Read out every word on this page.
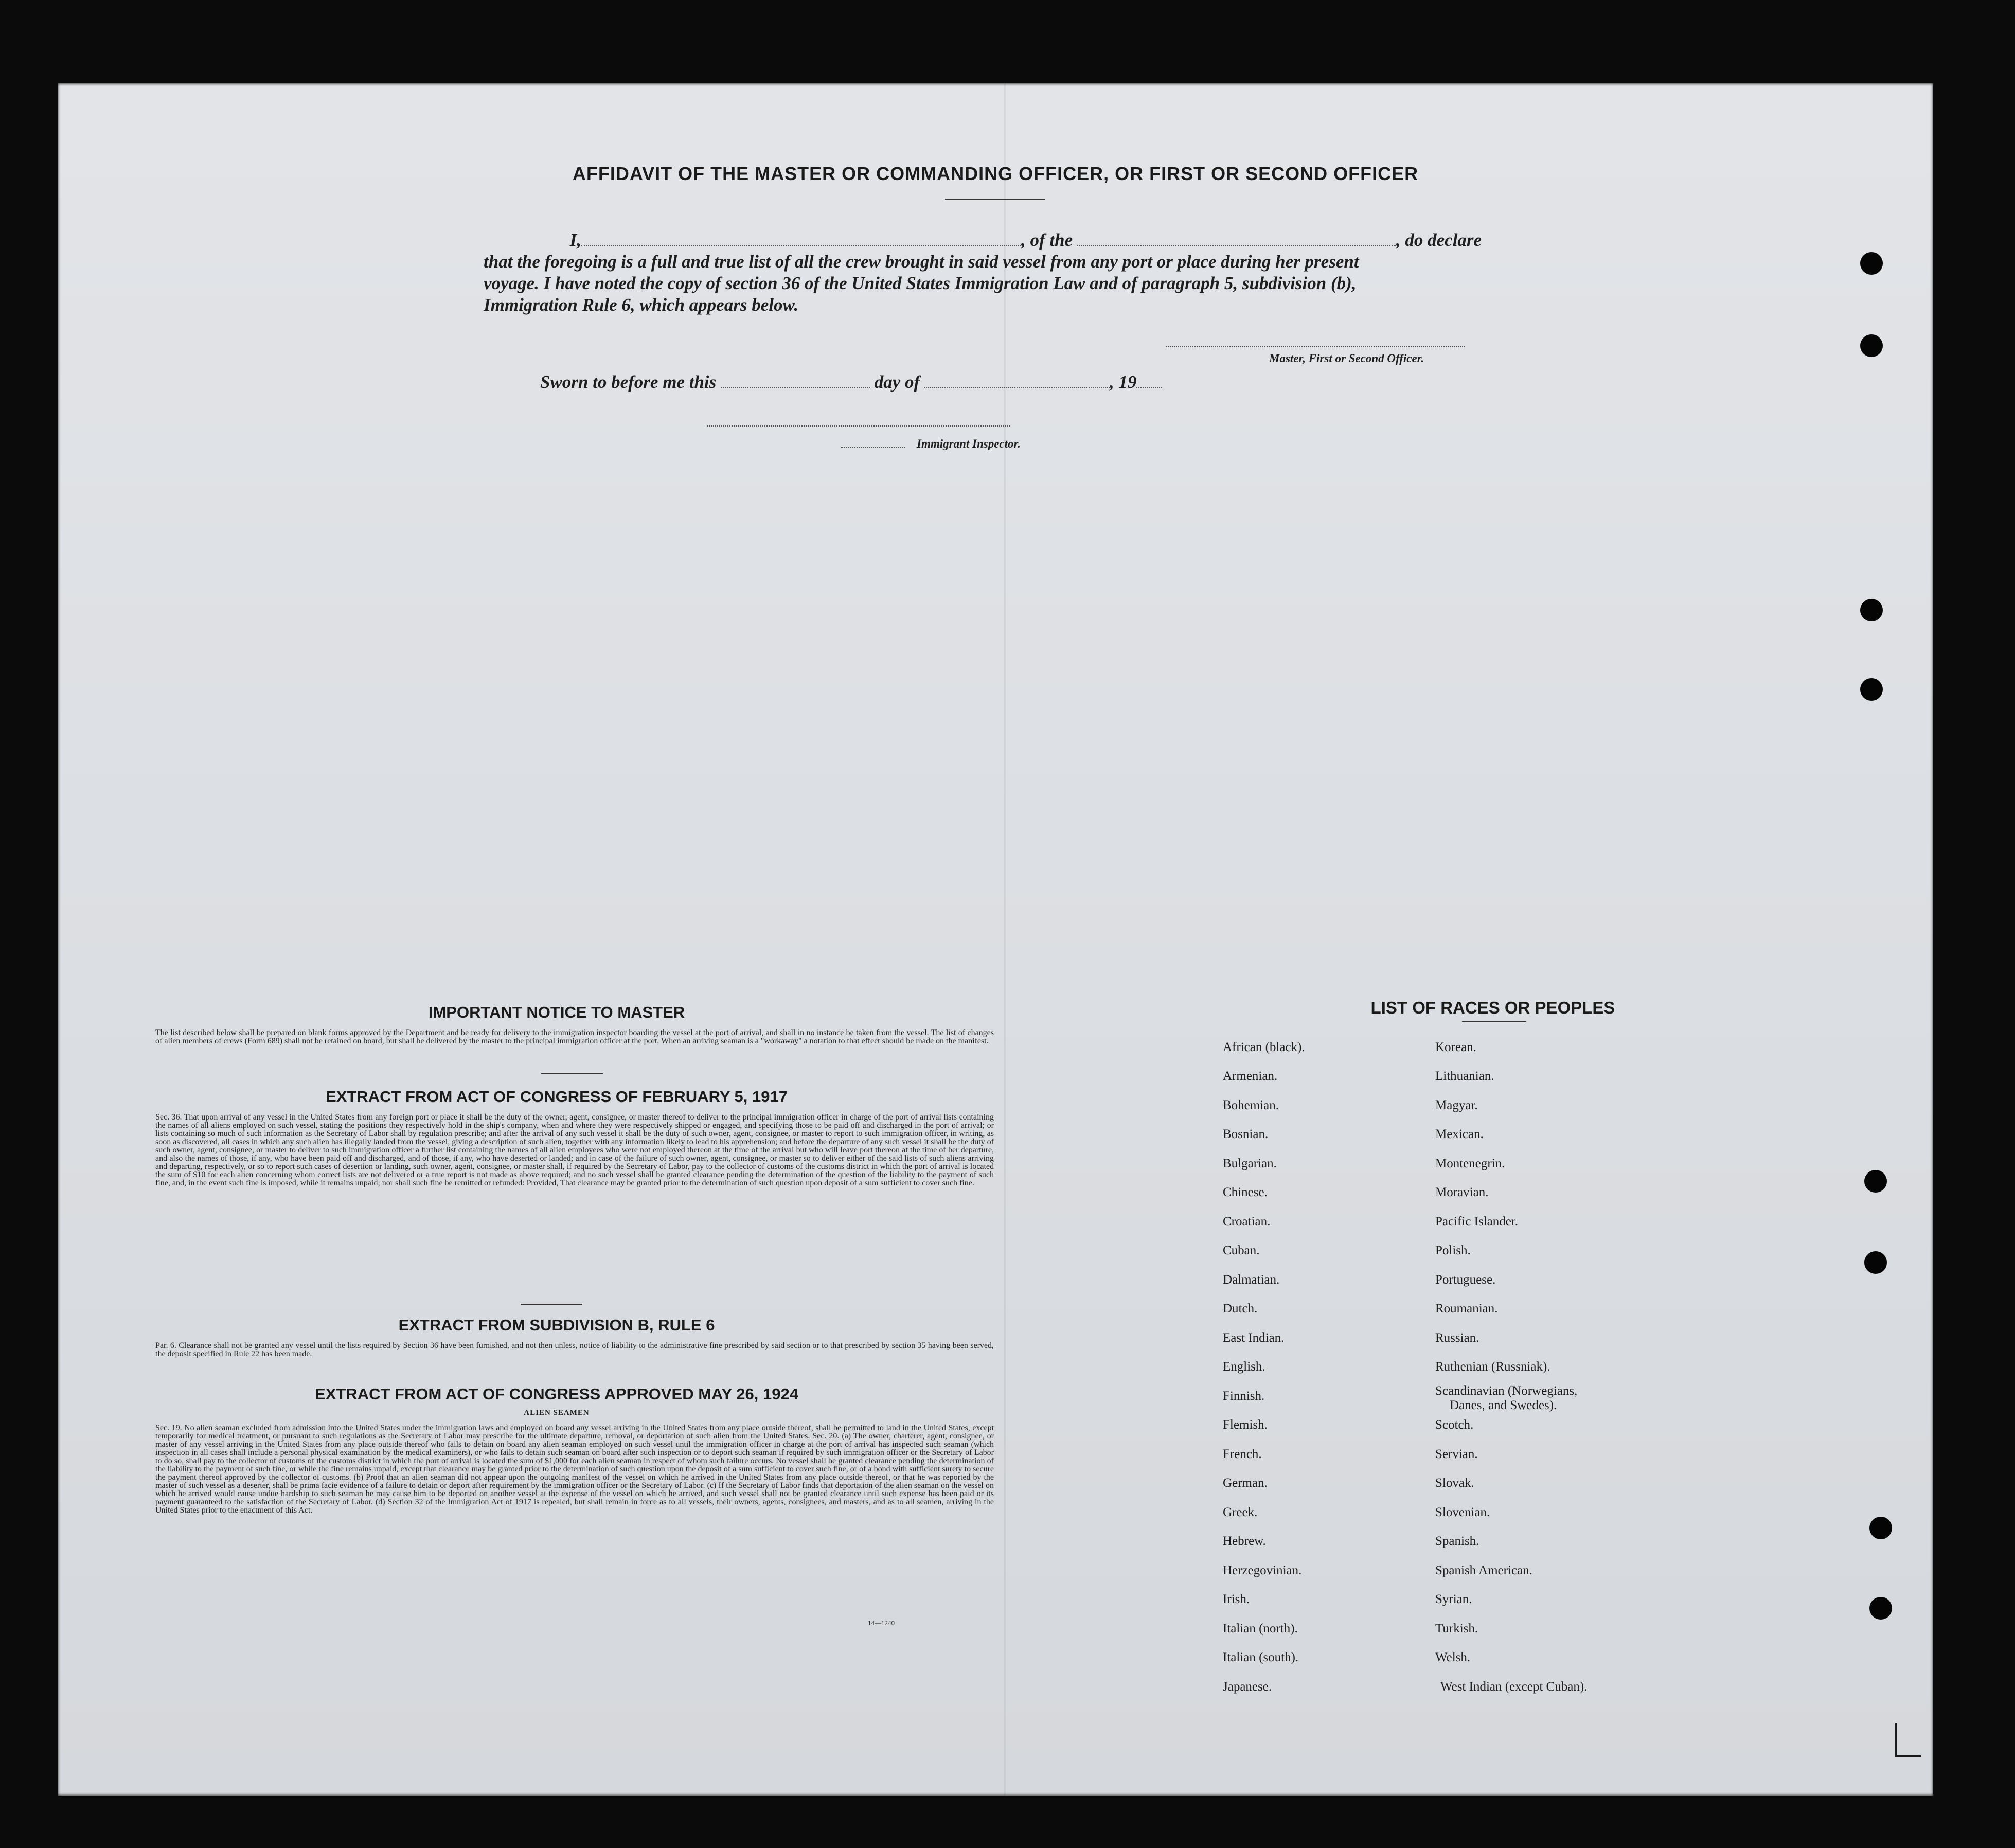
AFFIDAVIT OF THE MASTER OR COMMANDING OFFICER, OR FIRST OR SECOND OFFICER
I,	, of the	, do declare
that the foregoing is a full and true list of all the crew brought in said vessel from any port or place during her present
voyage. I have noted the copy of section 36 of the United States Immigration Law and of paragraph 5, subdivision (b),
Immigration Rule 6, which appears below.
Master, First or Second Officer.
Sworn to before me this	day of	, 19
Immigrant Inspector.
IMPORTANT NOTICE TO MASTER
The list described below shall be prepared on blank forms approved by the Department and be ready for delivery to the immigration inspector boarding the vessel at the port of arrival, and shall in no instance be taken from the vessel. The list of changes of alien members of crews (Form 689) shall not be retained on board, but shall be delivered by the master to the principal immigration officer at the port. When an arriving seaman is a "workaway" a notation to that effect should be made on the manifest.
EXTRACT FROM ACT OF CONGRESS OF FEBRUARY 5, 1917
Sec. 36. That upon arrival of any vessel in the United States from any foreign port or place it shall be the duty of the owner, agent, consignee, or master thereof to deliver to the principal immigration officer in charge of the port of arrival lists containing the names of all aliens employed on such vessel, stating the positions they respectively hold in the ship's company, when and where they were respectively shipped or engaged, and specifying those to be paid off and discharged in the port of arrival; or lists containing so much of such information as the Secretary of Labor shall by regulation prescribe; and after the arrival of any such vessel it shall be the duty of such owner, agent, consignee, or master to report to such immigration officer, in writing, as soon as discovered, all cases in which any such alien has illegally landed from the vessel, giving a description of such alien, together with any information likely to lead to his apprehension; and before the departure of any such vessel it shall be the duty of such owner, agent, consignee, or master to deliver to such immigration officer a further list containing the names of all alien employees who were not employed thereon at the time of the arrival but who will leave port thereon at the time of her departure, and also the names of those, if any, who have been paid off and discharged, and of those, if any, who have deserted or landed; and in case of the failure of such owner, agent, consignee, or master so to deliver either of the said lists of such aliens arriving and departing, respectively, or so to report such cases of desertion or landing, such owner, agent, consignee, or master shall, if required by the Secretary of Labor, pay to the collector of customs of the customs district in which the port of arrival is located the sum of $10 for each alien concerning whom correct lists are not delivered or a true report is not made as above required; and no such vessel shall be granted clearance pending the determination of the question of the liability to the payment of such fine, and, in the event such fine is imposed, while it remains unpaid; nor shall such fine be remitted or refunded: Provided, That clearance may be granted prior to the determination of such question upon deposit of a sum sufficient to cover such fine.
EXTRACT FROM SUBDIVISION B, RULE 6
Par. 6. Clearance shall not be granted any vessel until the lists required by Section 36 have been furnished, and not then unless, notice of liability to the administrative fine prescribed by said section or to that prescribed by section 35 having been served, the deposit specified in Rule 22 has been made.
EXTRACT FROM ACT OF CONGRESS APPROVED MAY 26, 1924
ALIEN SEAMEN
Sec. 19. No alien seaman excluded from admission into the United States under the immigration laws and employed on board any vessel arriving in the United States from any place outside thereof, shall be permitted to land in the United States, except temporarily for medical treatment, or pursuant to such regulations as the Secretary of Labor may prescribe for the ultimate departure, removal, or deportation of such alien from the United States. Sec. 20. (a) The owner, charterer, agent, consignee, or master of any vessel arriving in the United States from any place outside thereof who fails to detain on board any alien seaman employed on such vessel until the immigration officer in charge at the port of arrival has inspected such seaman (which inspection in all cases shall include a personal physical examination by the medical examiners), or who fails to detain such seaman on board after such inspection or to deport such seaman if required by such immigration officer or the Secretary of Labor to do so, shall pay to the collector of customs of the customs district in which the port of arrival is located the sum of $1,000 for each alien seaman in respect of whom such failure occurs. No vessel shall be granted clearance pending the determination of the liability to the payment of such fine, or while the fine remains unpaid, except that clearance may be granted prior to the determination of such question upon the deposit of a sum sufficient to cover such fine, or of a bond with sufficient surety to secure the payment thereof approved by the collector of customs. (b) Proof that an alien seaman did not appear upon the outgoing manifest of the vessel on which he arrived in the United States from any place outside thereof, or that he was reported by the master of such vessel as a deserter, shall be prima facie evidence of a failure to detain or deport after requirement by the immigration officer or the Secretary of Labor. (c) If the Secretary of Labor finds that deportation of the alien seaman on the vessel on which he arrived would cause undue hardship to such seaman he may cause him to be deported on another vessel at the expense of the vessel on which he arrived, and such vessel shall not be granted clearance until such expense has been paid or its payment guaranteed to the satisfaction of the Secretary of Labor. (d) Section 32 of the Immigration Act of 1917 is repealed, but shall remain in force as to all vessels, their owners, agents, consignees, and masters, and as to all seamen, arriving in the United States prior to the enactment of this Act.
14—1240
LIST OF RACES OR PEOPLES
African (black).
Armenian.
Bohemian.
Bosnian.
Bulgarian.
Chinese.
Croatian.
Cuban.
Dalmatian.
Dutch.
East Indian.
English.
Finnish.
Flemish.
French.
German.
Greek.
Hebrew.
Herzegovinian.
Irish.
Italian (north).
Italian (south).
Japanese.
Korean.
Lithuanian.
Magyar.
Mexican.
Montenegrin.
Moravian.
Pacific Islander.
Polish.
Portuguese.
Roumanian.
Russian.
Ruthenian (Russniak).
Scandinavian (Norwegians,
Danes, and Swedes).
Scotch.
Servian.
Slovak.
Slovenian.
Spanish.
Spanish American.
Syrian.
Turkish.
Welsh.
West Indian (except Cuban).
